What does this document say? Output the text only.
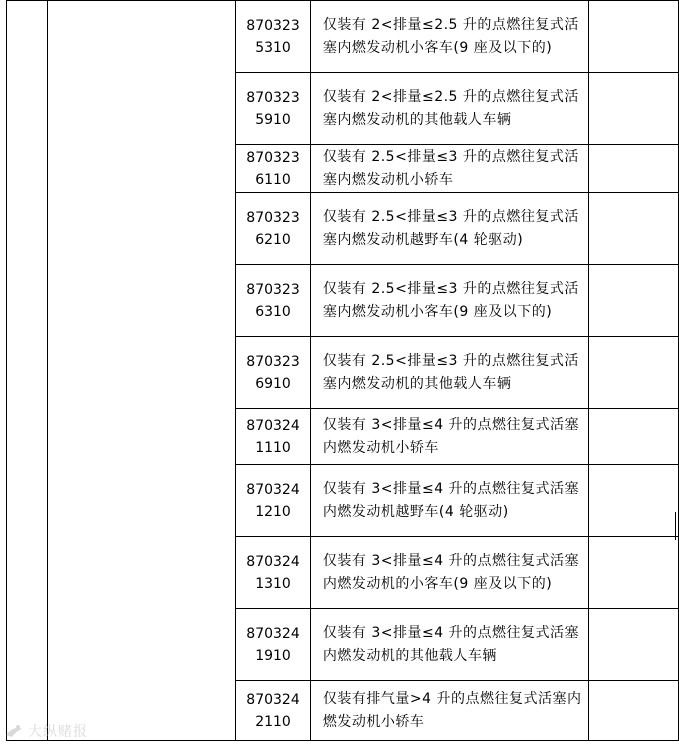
		870323
5310	仅装有 2<排量≤2.5 升的点燃往复式活塞内燃发动机小客车(9 座及以下的)	

		870323
5910	仅装有 2<排量≤2.5 升的点燃往复式活塞内燃发动机的其他载人车辆	

		870323
6110	仅装有 2.5<排量≤3 升的点燃往复式活塞内燃发动机小轿车	

		870323
6210	仅装有 2.5<排量≤3 升的点燃往复式活塞内燃发动机越野车(4 轮驱动)	

		870323
6310	仅装有 2.5<排量≤3 升的点燃往复式活塞内燃发动机小客车(9 座及以下的)	

		870323
6910	仅装有 2.5<排量≤3 升的点燃往复式活塞内燃发动机的其他载人车辆	

		870324
1110	仅装有 3<排量≤4 升的点燃往复式活塞内燃发动机小轿车	

		870324
1210	仅装有 3<排量≤4 升的点燃往复式活塞内燃发动机越野车(4 轮驱动)	

		870324
1310	仅装有 3<排量≤4 升的点燃往复式活塞内燃发动机的小客车(9 座及以下的)	

		870324
1910	仅装有 3<排量≤4 升的点燃往复式活塞内燃发动机的其他载人车辆	

		870324
2110	仅装有排气量>4 升的点燃往复式活塞内燃发动机小轿车	
大纵赌报
